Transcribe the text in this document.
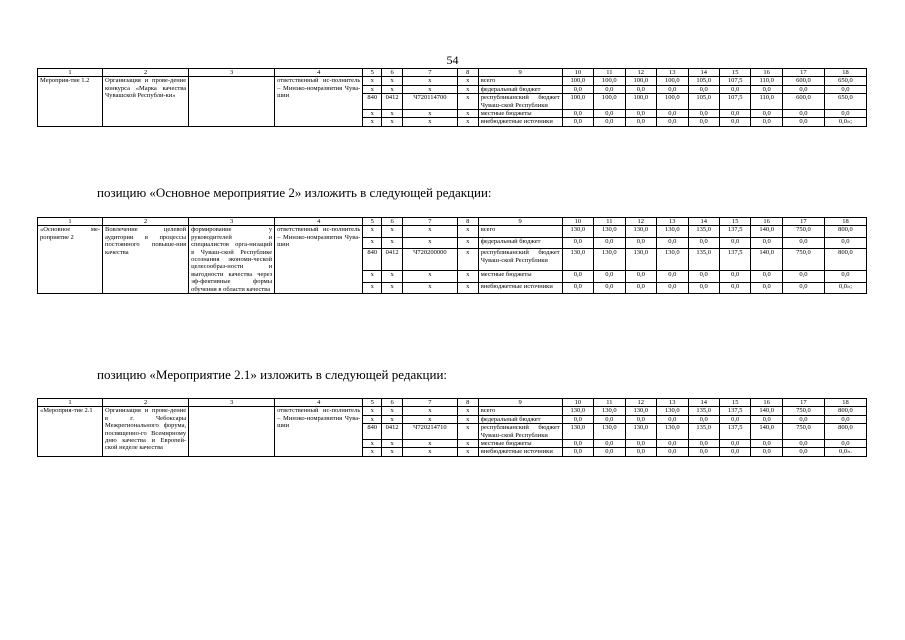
54
1	2	3	4	5	6	7	8	9	10	11	12	13	14	15	16	17	18
Мероприя-тие 1.2	Организация и прове-дение конкурса «Марка качества Чувашской Республи-ки»		ответственный ис-полнитель – Минэко-номразвития Чува-шии	x	x	x	x	всего	100,0	100,0	100,0	100,0	105,0	107,5	110,0	600,0	650,0
				x	x	x	x	федеральный бюджет	0,0	0,0	0,0	0,0	0,0	0,0	0,0	0,0	0,0
				840	0412	Ч720114700	x	республиканский бюджет Чуваш-ской Республики	100,0	100,0	100,0	100,0	105,0	107,5	110,0	600,0	650,0
				x	x	x	x	местные бюджеты	0,0	0,0	0,0	0,0	0,0	0,0	0,0	0,0	0,0
				x	x	x	x	внебюджетные источники	0,0	0,0	0,0	0,0	0,0	0,0	0,0	0,0	0,0»;
позицию «Основное мероприятие 2» изложить в следующей редакции:
1	2	3	4	5	6	7	8	9	10	11	12	13	14	15	16	17	18
«Основное ме-роприятие 2	Вовлечение целевой аудитории в процессы постоянного повыше-ния качества	формирование у руководителей и специалистов орга-низаций в Чуваш-ской Республике осознания экономи-ческой целесообраз-ности и выгодности качества через эф-фективные формы обучения в области качества	ответственный ис-полнитель – Минэко-номразвития Чува-шии	x	x	x	x	всего	130,0	130,0	130,0	130,0	135,0	137,5	140,0	750,0	800,0
				x	x	x	x	федеральный бюджет	0,0	0,0	0,0	0,0	0,0	0,0	0,0	0,0	0,0
				840	0412	Ч720200000	x	республиканский бюджет Чуваш-ской Республики	130,0	130,0	130,0	130,0	135,0	137,5	140,0	750,0	800,0
				x	x	x	x	местные бюджеты	0,0	0,0	0,0	0,0	0,0	0,0	0,0	0,0	0,0
				x	x	x	x	внебюджетные источники	0,0	0,0	0,0	0,0	0,0	0,0	0,0	0,0	0,0»;
позицию «Мероприятие 2.1» изложить в следующей редакции:
1	2	3	4	5	6	7	8	9	10	11	12	13	14	15	16	17	18
«Мероприя-тие 2.1	Организация и прове-дение в г. Чебоксары Межрегионального форума, посвященно-го Всемирному дню качества и Европей-ской неделе качества		ответственный ис-полнитель – Минэко-номразвития Чува-шии	x	x	x	x	всего	130,0	130,0	130,0	130,0	135,0	137,5	140,0	750,0	800,0
				x	x	x	x	федеральный бюджет	0,0	0,0	0,0	0,0	0,0	0,0	0,0	0,0	0,0
				840	0412	Ч720214710	x	республиканский бюджет Чуваш-ской Республики	130,0	130,0	130,0	130,0	135,0	137,5	140,0	750,0	800,0
				x	x	x	x	местные бюджеты	0,0	0,0	0,0	0,0	0,0	0,0	0,0	0,0	0,0
				x	x	x	x	внебюджетные источники	0,0	0,0	0,0	0,0	0,0	0,0	0,0	0,0	0,0».
